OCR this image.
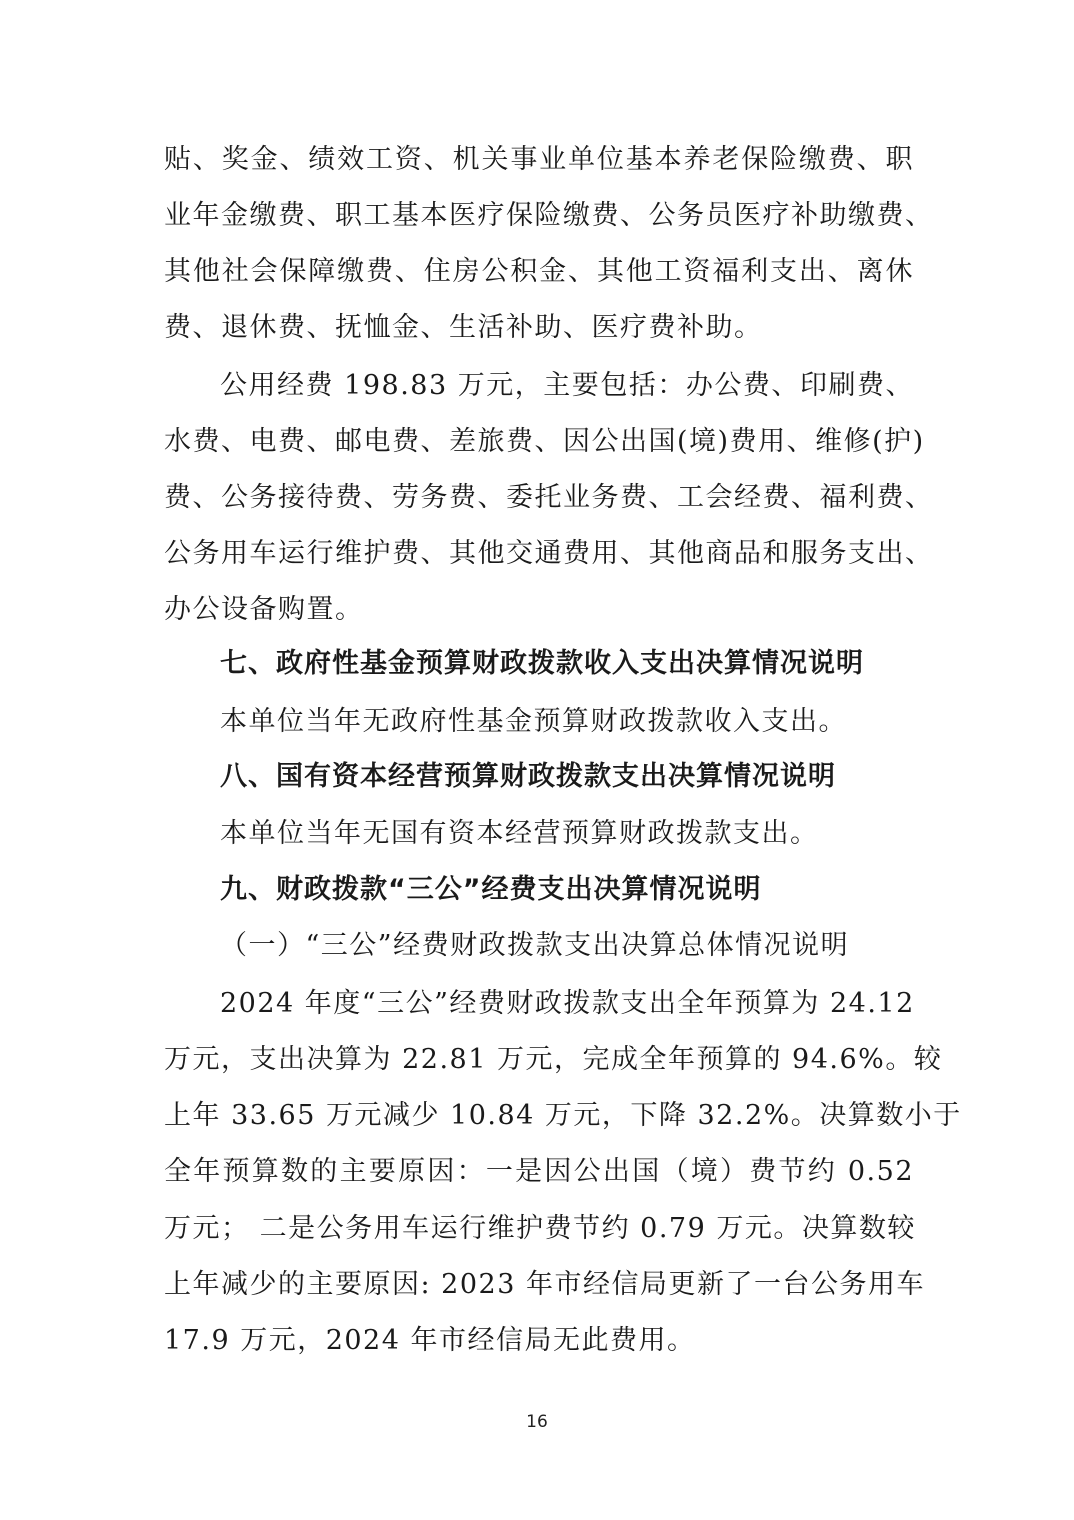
贴、奖金、绩效工资、机关事业单位基本养老保险缴费、职
业年金缴费、职工基本医疗保险缴费、公务员医疗补助缴费、
其他社会保障缴费、住房公积金、其他工资福利支出、离休
费、退休费、抚恤金、生活补助、医疗费补助。
公用经费 198.83 万元，主要包括：办公费、印刷费、
水费、电费、邮电费、差旅费、因公出国(境)费用、维修(护)
费、公务接待费、劳务费、委托业务费、工会经费、福利费、
公务用车运行维护费、其他交通费用、其他商品和服务支出、
办公设备购置。
七、政府性基金预算财政拨款收入支出决算情况说明
本单位当年无政府性基金预算财政拨款收入支出。
八、国有资本经营预算财政拨款支出决算情况说明
本单位当年无国有资本经营预算财政拨款支出。
九、财政拨款“三公”经费支出决算情况说明
（一）“三公”经费财政拨款支出决算总体情况说明
2024 年度“三公”经费财政拨款支出全年预算为 24.12
万元，支出决算为 22.81 万元，完成全年预算的 94.6%。较
上年 33.65 万元减少 10.84 万元，下降 32.2%。决算数小于
全年预算数的主要原因：一是因公出国（境）费节约 0.52
万元； 二是公务用车运行维护费节约 0.79 万元。决算数较
上年减少的主要原因: 2023 年市经信局更新了一台公务用车
17.9 万元，2024 年市经信局无此费用。
16
